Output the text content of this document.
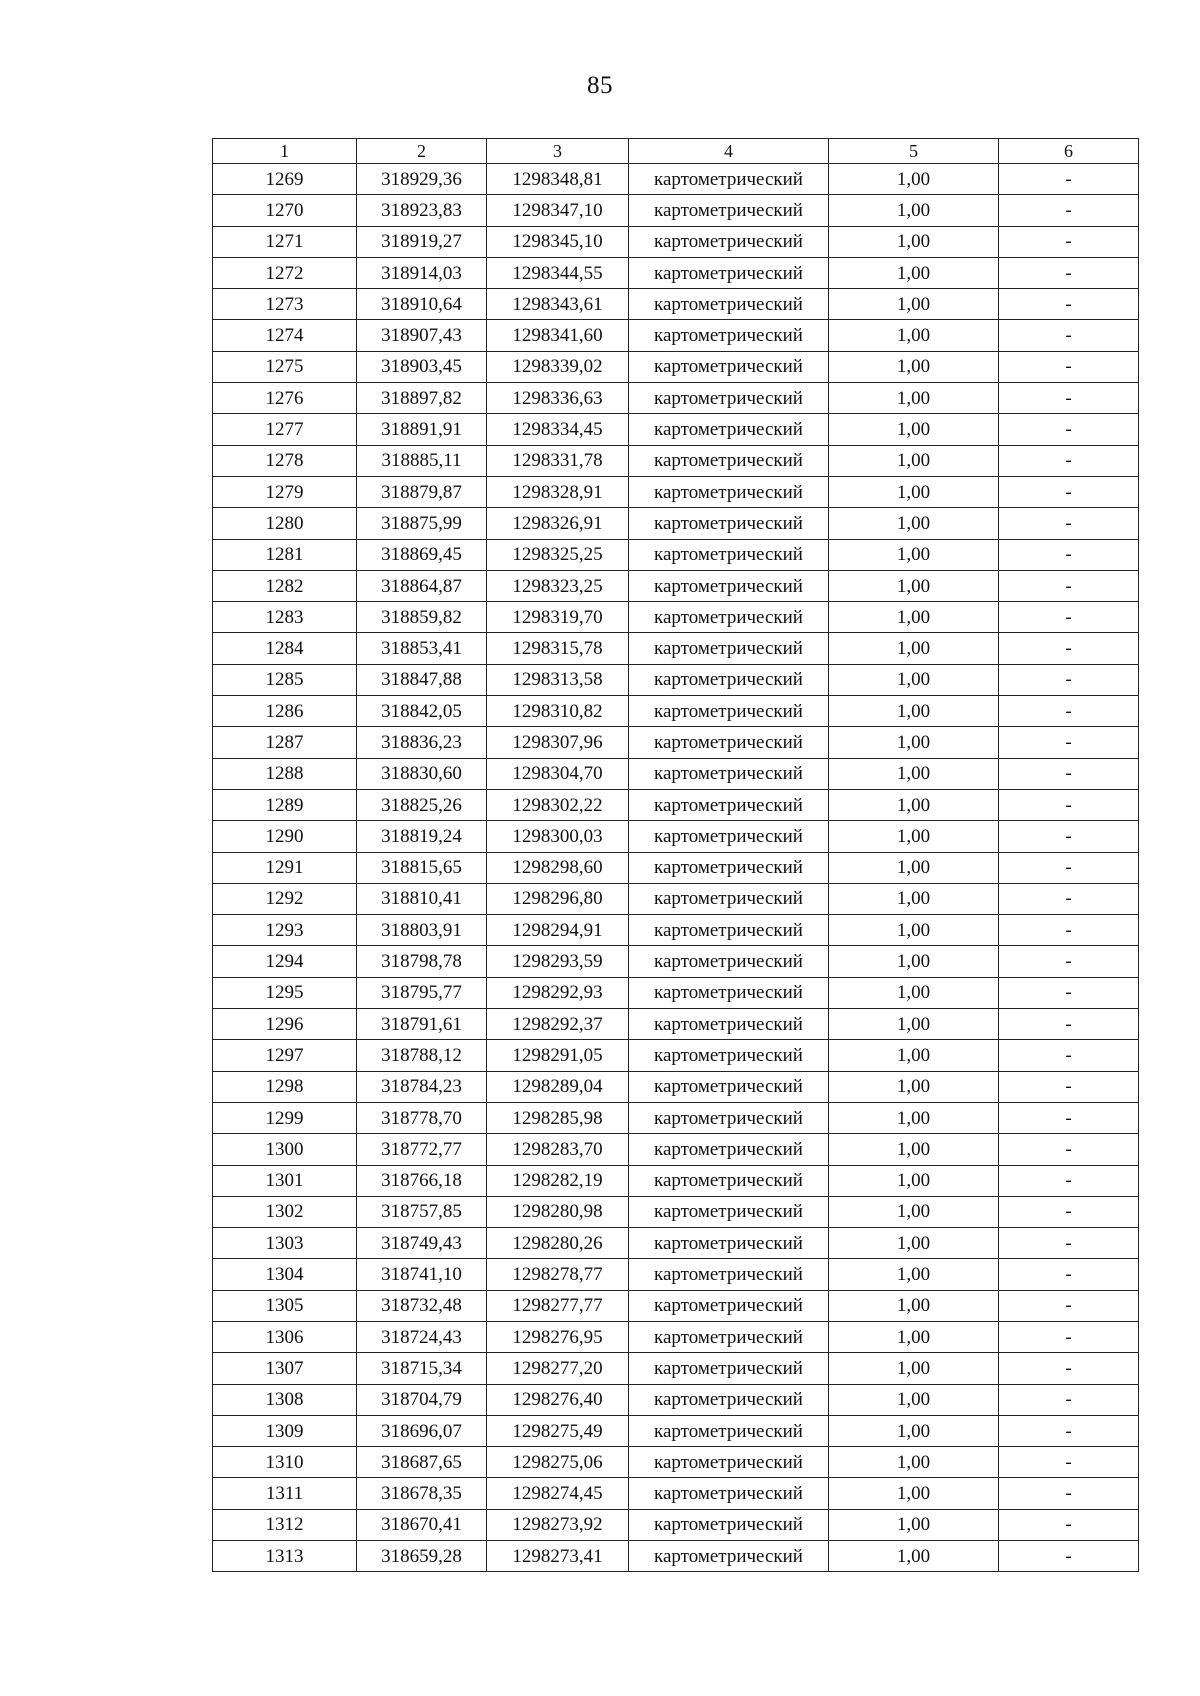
85
1	2	3	4	5	6
1269	318929,36	1298348,81	картометрический	1,00	-
1270	318923,83	1298347,10	картометрический	1,00	-
1271	318919,27	1298345,10	картометрический	1,00	-
1272	318914,03	1298344,55	картометрический	1,00	-
1273	318910,64	1298343,61	картометрический	1,00	-
1274	318907,43	1298341,60	картометрический	1,00	-
1275	318903,45	1298339,02	картометрический	1,00	-
1276	318897,82	1298336,63	картометрический	1,00	-
1277	318891,91	1298334,45	картометрический	1,00	-
1278	318885,11	1298331,78	картометрический	1,00	-
1279	318879,87	1298328,91	картометрический	1,00	-
1280	318875,99	1298326,91	картометрический	1,00	-
1281	318869,45	1298325,25	картометрический	1,00	-
1282	318864,87	1298323,25	картометрический	1,00	-
1283	318859,82	1298319,70	картометрический	1,00	-
1284	318853,41	1298315,78	картометрический	1,00	-
1285	318847,88	1298313,58	картометрический	1,00	-
1286	318842,05	1298310,82	картометрический	1,00	-
1287	318836,23	1298307,96	картометрический	1,00	-
1288	318830,60	1298304,70	картометрический	1,00	-
1289	318825,26	1298302,22	картометрический	1,00	-
1290	318819,24	1298300,03	картометрический	1,00	-
1291	318815,65	1298298,60	картометрический	1,00	-
1292	318810,41	1298296,80	картометрический	1,00	-
1293	318803,91	1298294,91	картометрический	1,00	-
1294	318798,78	1298293,59	картометрический	1,00	-
1295	318795,77	1298292,93	картометрический	1,00	-
1296	318791,61	1298292,37	картометрический	1,00	-
1297	318788,12	1298291,05	картометрический	1,00	-
1298	318784,23	1298289,04	картометрический	1,00	-
1299	318778,70	1298285,98	картометрический	1,00	-
1300	318772,77	1298283,70	картометрический	1,00	-
1301	318766,18	1298282,19	картометрический	1,00	-
1302	318757,85	1298280,98	картометрический	1,00	-
1303	318749,43	1298280,26	картометрический	1,00	-
1304	318741,10	1298278,77	картометрический	1,00	-
1305	318732,48	1298277,77	картометрический	1,00	-
1306	318724,43	1298276,95	картометрический	1,00	-
1307	318715,34	1298277,20	картометрический	1,00	-
1308	318704,79	1298276,40	картометрический	1,00	-
1309	318696,07	1298275,49	картометрический	1,00	-
1310	318687,65	1298275,06	картометрический	1,00	-
1311	318678,35	1298274,45	картометрический	1,00	-
1312	318670,41	1298273,92	картометрический	1,00	-
1313	318659,28	1298273,41	картометрический	1,00	-
